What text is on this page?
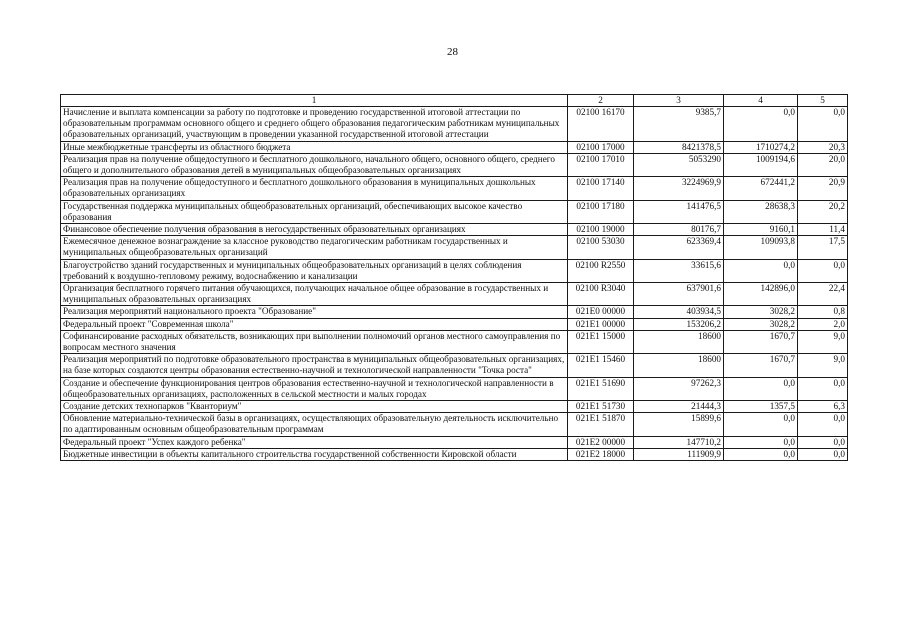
28
1	2	3	4	5
Начисление и выплата компенсации за работу по подготовке и проведению государственной итоговой аттестации по образовательным программам основного общего и среднего общего образования педагогическим работникам муниципальных образовательных организаций, участвующим в проведении указанной государственной итоговой аттестации	02100 16170	9385,7	0,0	0,0
Иные межбюджетные трансферты из областного бюджета	02100 17000	8421378,5	1710274,2	20,3
Реализация прав на получение общедоступного и бесплатного дошкольного, начального общего, основного общего, среднего общего и дополнительного образования детей в муниципальных общеобразовательных организациях	02100 17010	5053290	1009194,6	20,0
Реализация прав на получение общедоступного и бесплатного дошкольного образования в муниципальных дошкольных образовательных организациях	02100 17140	3224969,9	672441,2	20,9
Государственная поддержка муниципальных общеобразовательных организаций, обеспечивающих высокое качество образования	02100 17180	141476,5	28638,3	20,2
Финансовое обеспечение получения образования в негосударственных образовательных организациях	02100 19000	80176,7	9160,1	11,4
Ежемесячное денежное вознаграждение за классное руководство педагогическим работникам государственных и муниципальных общеобразовательных организаций	02100 53030	623369,4	109093,8	17,5
Благоустройство зданий государственных и муниципальных общеобразовательных организаций в целях соблюдения требований к воздушно-тепловому режиму, водоснабжению и канализации	02100 R2550	33615,6	0,0	0,0
Организация бесплатного горячего питания обучающихся, получающих начальное общее образование в государственных и муниципальных образовательных организациях	02100 R3040	637901,6	142896,0	22,4
Реализация мероприятий национального проекта "Образование"	021E0 00000	403934,5	3028,2	0,8
Федеральный проект "Современная школа"	021E1 00000	153206,2	3028,2	2,0
Софинансирование расходных обязательств, возникающих при выполнении полномочий органов местного самоуправления по вопросам местного значения	021E1 15000	18600	1670,7	9,0
Реализация мероприятий по подготовке образовательного пространства в муниципальных общеобразовательных организациях, на базе которых создаются центры образования естественно-научной и технологической направленности "Точка роста"	021E1 15460	18600	1670,7	9,0
Создание и обеспечение функционирования центров образования естественно-научной и технологической направленности в общеобразовательных организациях, расположенных в сельской местности и малых городах	021E1 51690	97262,3	0,0	0,0
Создание детских технопарков "Кванториум"	021E1 51730	21444,3	1357,5	6,3
Обновление материально-технической базы в организациях, осуществляющих образовательную деятельность исключительно по адаптированным основным общеобразовательным программам	021E1 51870	15899,6	0,0	0,0
Федеральный проект "Успех каждого ребенка"	021E2 00000	147710,2	0,0	0,0
Бюджетные инвестиции в объекты капитального строительства государственной собственности Кировской области	021E2 18000	111909,9	0,0	0,0
